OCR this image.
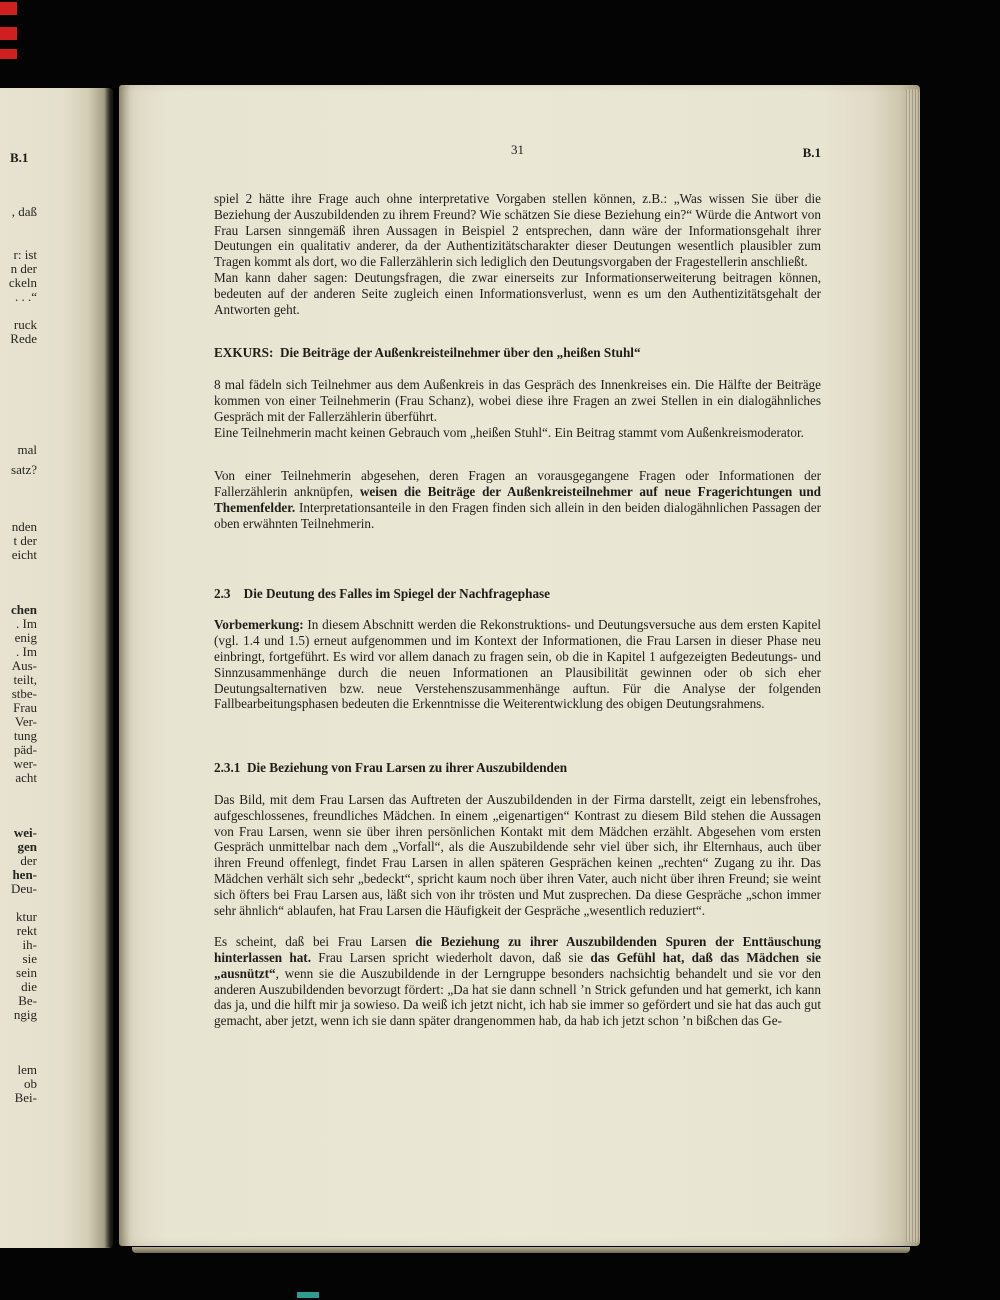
B.1
, daß
r: ist
n der
ckeln
. . .“
ruck
Rede
mal
satz?
nden
t der
eicht
chen
. Im
enig
. Im
Aus-
teilt,
stbe-
Frau
Ver-
tung
päd-
wer-
acht
wei-
gen
der
hen-
Deu-
ktur
rekt
ih-
sie
sein
die
Be-
ngig
lem
ob
Bei-
31	B.1
spiel 2 hätte ihre Frage auch ohne interpretative Vorgaben stellen können, z.B.: „Was wissen Sie über die Beziehung der Auszubildenden zu ihrem Freund? Wie schätzen Sie diese Beziehung ein?“ Würde die Antwort von Frau Larsen sinngemäß ihren Aussagen in Beispiel 2 entsprechen, dann wäre der Informationsgehalt ihrer Deutungen ein qualitativ anderer, da der Authentizitätscharakter dieser Deutungen wesentlich plausibler zum Tragen kommt als dort, wo die Fallerzählerin sich lediglich den Deutungsvorgaben der Fragestellerin anschließt.
Man kann daher sagen: Deutungsfragen, die zwar einerseits zur Informationserweiterung beitragen können, bedeuten auf der anderen Seite zugleich einen Informationsverlust, wenn es um den Authentizitätsgehalt der Antworten geht.
EXKURS: Die Beiträge der Außenkreisteilnehmer über den „heißen Stuhl“
8 mal fädeln sich Teilnehmer aus dem Außenkreis in das Gespräch des Innenkreises ein. Die Hälfte der Beiträge kommen von einer Teilnehmerin (Frau Schanz), wobei diese ihre Fragen an zwei Stellen in ein dialogähnliches Gespräch mit der Fallerzählerin überführt.
Eine Teilnehmerin macht keinen Gebrauch vom „heißen Stuhl“. Ein Beitrag stammt vom Außenkreismoderator.
Von einer Teilnehmerin abgesehen, deren Fragen an vorausgegangene Fragen oder Informationen der Fallerzählerin anknüpfen, weisen die Beiträge der Außenkreisteilnehmer auf neue Fragerichtungen und Themenfelder. Interpretationsanteile in den Fragen finden sich allein in den beiden dialogähnlichen Passagen der oben erwähnten Teilnehmerin.
2.3 Die Deutung des Falles im Spiegel der Nachfragephase
Vorbemerkung: In diesem Abschnitt werden die Rekonstruktions- und Deutungsversuche aus dem ersten Kapitel (vgl. 1.4 und 1.5) erneut aufgenommen und im Kontext der Informationen, die Frau Larsen in dieser Phase neu einbringt, fortgeführt. Es wird vor allem danach zu fragen sein, ob die in Kapitel 1 aufgezeigten Bedeutungs- und Sinnzusammenhänge durch die neuen Informationen an Plausibilität gewinnen oder ob sich eher Deutungsalternativen bzw. neue Verstehenszusammenhänge auftun. Für die Analyse der folgenden Fallbearbeitungsphasen bedeuten die Erkenntnisse die Weiterentwicklung des obigen Deutungsrahmens.
2.3.1 Die Beziehung von Frau Larsen zu ihrer Auszubildenden
Das Bild, mit dem Frau Larsen das Auftreten der Auszubildenden in der Firma darstellt, zeigt ein lebensfrohes, aufgeschlossenes, freundliches Mädchen. In einem „eigenartigen“ Kontrast zu diesem Bild stehen die Aussagen von Frau Larsen, wenn sie über ihren persönlichen Kontakt mit dem Mädchen erzählt. Abgesehen vom ersten Gespräch unmittelbar nach dem „Vorfall“, als die Auszubildende sehr viel über sich, ihr Elternhaus, auch über ihren Freund offenlegt, findet Frau Larsen in allen späteren Gesprächen keinen „rechten“ Zugang zu ihr. Das Mädchen verhält sich sehr „bedeckt“, spricht kaum noch über ihren Vater, auch nicht über ihren Freund; sie weint sich öfters bei Frau Larsen aus, läßt sich von ihr trösten und Mut zusprechen. Da diese Gespräche „schon immer sehr ähnlich“ ablaufen, hat Frau Larsen die Häufigkeit der Gespräche „wesentlich reduziert“.
Es scheint, daß bei Frau Larsen die Beziehung zu ihrer Auszubildenden Spuren der Enttäuschung hinterlassen hat. Frau Larsen spricht wiederholt davon, daß sie das Gefühl hat, daß das Mädchen sie „ausnützt“, wenn sie die Auszubildende in der Lerngruppe besonders nachsichtig behandelt und sie vor den anderen Auszubildenden bevorzugt fördert: „Da hat sie dann schnell ’n Strick gefunden und hat gemerkt, ich kann das ja, und die hilft mir ja sowieso. Da weiß ich jetzt nicht, ich hab sie immer so gefördert und sie hat das auch gut gemacht, aber jetzt, wenn ich sie dann später drangenommen hab, da hab ich jetzt schon ’n bißchen das Ge-
